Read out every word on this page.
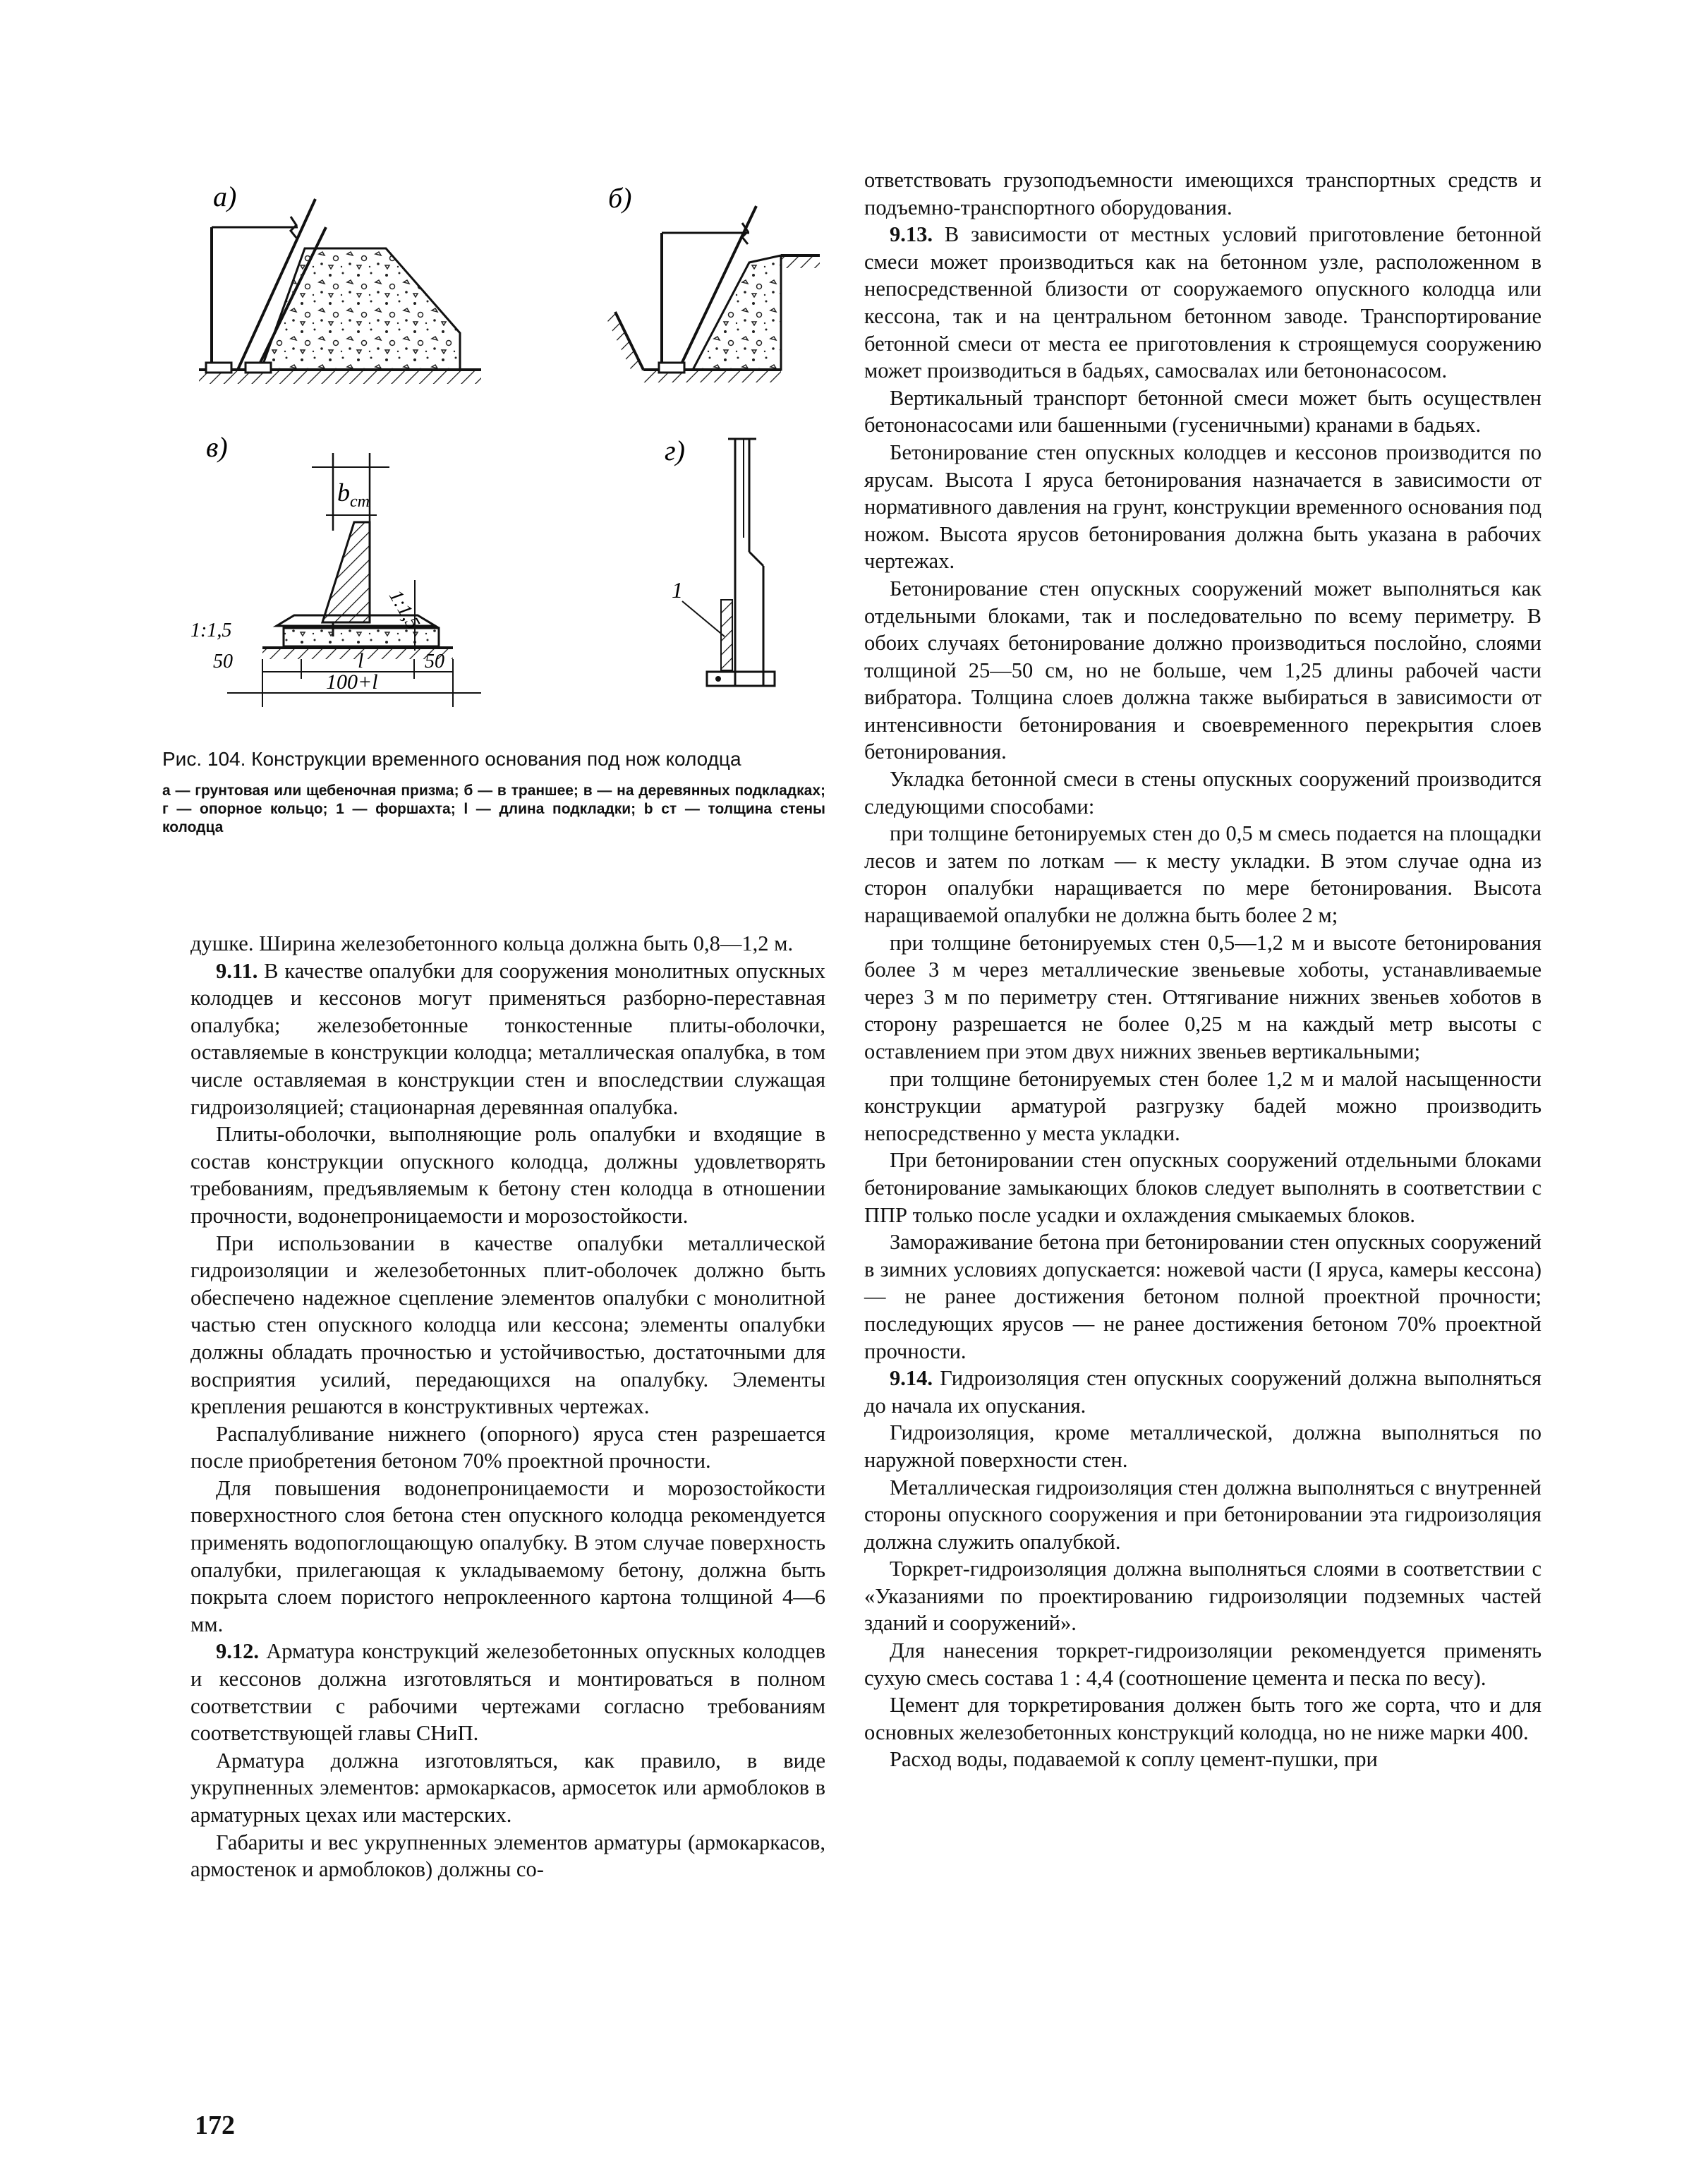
а)	б)
в)
$b_{ст}$
1:1,5	1:1,5
50	l	50
100+l
г)
1

Рис. 104. Конструкции временного основания под нож колодца

а — грунтовая или щебеночная призма; б — в траншее; в — на деревянных подкладках; г — опорное кольцо; 1 — форшахта; l — длина подкладки; b ст — толщина стены колодца

душке. Ширина железобетонного кольца должна быть 0,8—1,2 м.

9.11. В качестве опалубки для сооружения монолитных опускных колодцев и кессонов могут применяться разборно-переставная опалубка; железобетонные тонкостенные плиты-оболочки, оставляемые в конструкции колодца; металлическая опалубка, в том числе оставляемая в конструкции стен и впоследствии служащая гидроизоляцией; стационарная деревянная опалубка.

Плиты-оболочки, выполняющие роль опалубки и входящие в состав конструкции опускного колодца, должны удовлетворять требованиям, предъявляемым к бетону стен колодца в отношении прочности, водонепроницаемости и морозостойкости.

При использовании в качестве опалубки металлической гидроизоляции и железобетонных плит-оболочек должно быть обеспечено надежное сцепление элементов опалубки с монолитной частью стен опускного колодца или кессона; элементы опалубки должны обладать прочностью и устойчивостью, достаточными для восприятия усилий, передающихся на опалубку. Элементы крепления решаются в конструктивных чертежах.

Распалубливание нижнего (опорного) яруса стен разрешается после приобретения бетоном 70% проектной прочности.

Для повышения водонепроницаемости и морозостойкости поверхностного слоя бетона стен опускного колодца рекомендуется применять водопоглощающую опалубку. В этом случае поверхность опалубки, прилегающая к укладываемому бетону, должна быть покрыта слоем пористого непроклеенного картона толщиной 4—6 мм.

9.12. Арматура конструкций железобетонных опускных колодцев и кессонов должна изготовляться и монтироваться в полном соответствии с рабочими чертежами согласно требованиям соответствующей главы СНиП.

Арматура должна изготовляться, как правило, в виде укрупненных элементов: армокаркасов, армосеток или армоблоков в арматурных цехах или мастерских.

Габариты и вес укрупненных элементов арматуры (армокаркасов, армостенок и армоблоков) должны со-

ответствовать грузоподъемности имеющихся транспортных средств и подъемно-транспортного оборудования.

9.13. В зависимости от местных условий приготовление бетонной смеси может производиться как на бетонном узле, расположенном в непосредственной близости от сооружаемого опускного колодца или кессона, так и на центральном бетонном заводе. Транспортирование бетонной смеси от места ее приготовления к строящемуся сооружению может производиться в бадьях, самосвалах или бетононасосом.

Вертикальный транспорт бетонной смеси может быть осуществлен бетононасосами или башенными (гусеничными) кранами в бадьях.

Бетонирование стен опускных колодцев и кессонов производится по ярусам. Высота I яруса бетонирования назначается в зависимости от нормативного давления на грунт, конструкции временного основания под ножом. Высота ярусов бетонирования должна быть указана в рабочих чертежах.

Бетонирование стен опускных сооружений может выполняться как отдельными блоками, так и последовательно по всему периметру. В обоих случаях бетонирование должно производиться послойно, слоями толщиной 25—50 см, но не больше, чем 1,25 длины рабочей части вибратора. Толщина слоев должна также выбираться в зависимости от интенсивности бетонирования и своевременного перекрытия слоев бетонирования.

Укладка бетонной смеси в стены опускных сооружений производится следующими способами:

при толщине бетонируемых стен до 0,5 м смесь подается на площадки лесов и затем по лоткам — к месту укладки. В этом случае одна из сторон опалубки наращивается по мере бетонирования. Высота наращиваемой опалубки не должна быть более 2 м;

при толщине бетонируемых стен 0,5—1,2 м и высоте бетонирования более 3 м через металлические звеньевые хоботы, устанавливаемые через 3 м по периметру стен. Оттягивание нижних звеньев хоботов в сторону разрешается не более 0,25 м на каждый метр высоты с оставлением при этом двух нижних звеньев вертикальными;

при толщине бетонируемых стен более 1,2 м и малой насыщенности конструкции арматурой разгрузку бадей можно производить непосредственно у места укладки.

При бетонировании стен опускных сооружений отдельными блоками бетонирование замыкающих блоков следует выполнять в соответствии с ППР только после усадки и охлаждения смыкаемых блоков.

Замораживание бетона при бетонировании стен опускных сооружений в зимних условиях допускается: ножевой части (I яруса, камеры кессона) — не ранее достижения бетоном полной проектной прочности; последующих ярусов — не ранее достижения бетоном 70% проектной прочности.

9.14. Гидроизоляция стен опускных сооружений должна выполняться до начала их опускания.

Гидроизоляция, кроме металлической, должна выполняться по наружной поверхности стен.

Металлическая гидроизоляция стен должна выполняться с внутренней стороны опускного сооружения и при бетонировании эта гидроизоляция должна служить опалубкой.

Торкрет-гидроизоляция должна выполняться слоями в соответствии с «Указаниями по проектированию гидроизоляции подземных частей зданий и сооружений».

Для нанесения торкрет-гидроизоляции рекомендуется применять сухую смесь состава 1 : 4,4 (соотношение цемента и песка по весу).

Цемент для торкретирования должен быть того же сорта, что и для основных железобетонных конструкций колодца, но не ниже марки 400.

Расход воды, подаваемой к соплу цемент-пушки, при

172
